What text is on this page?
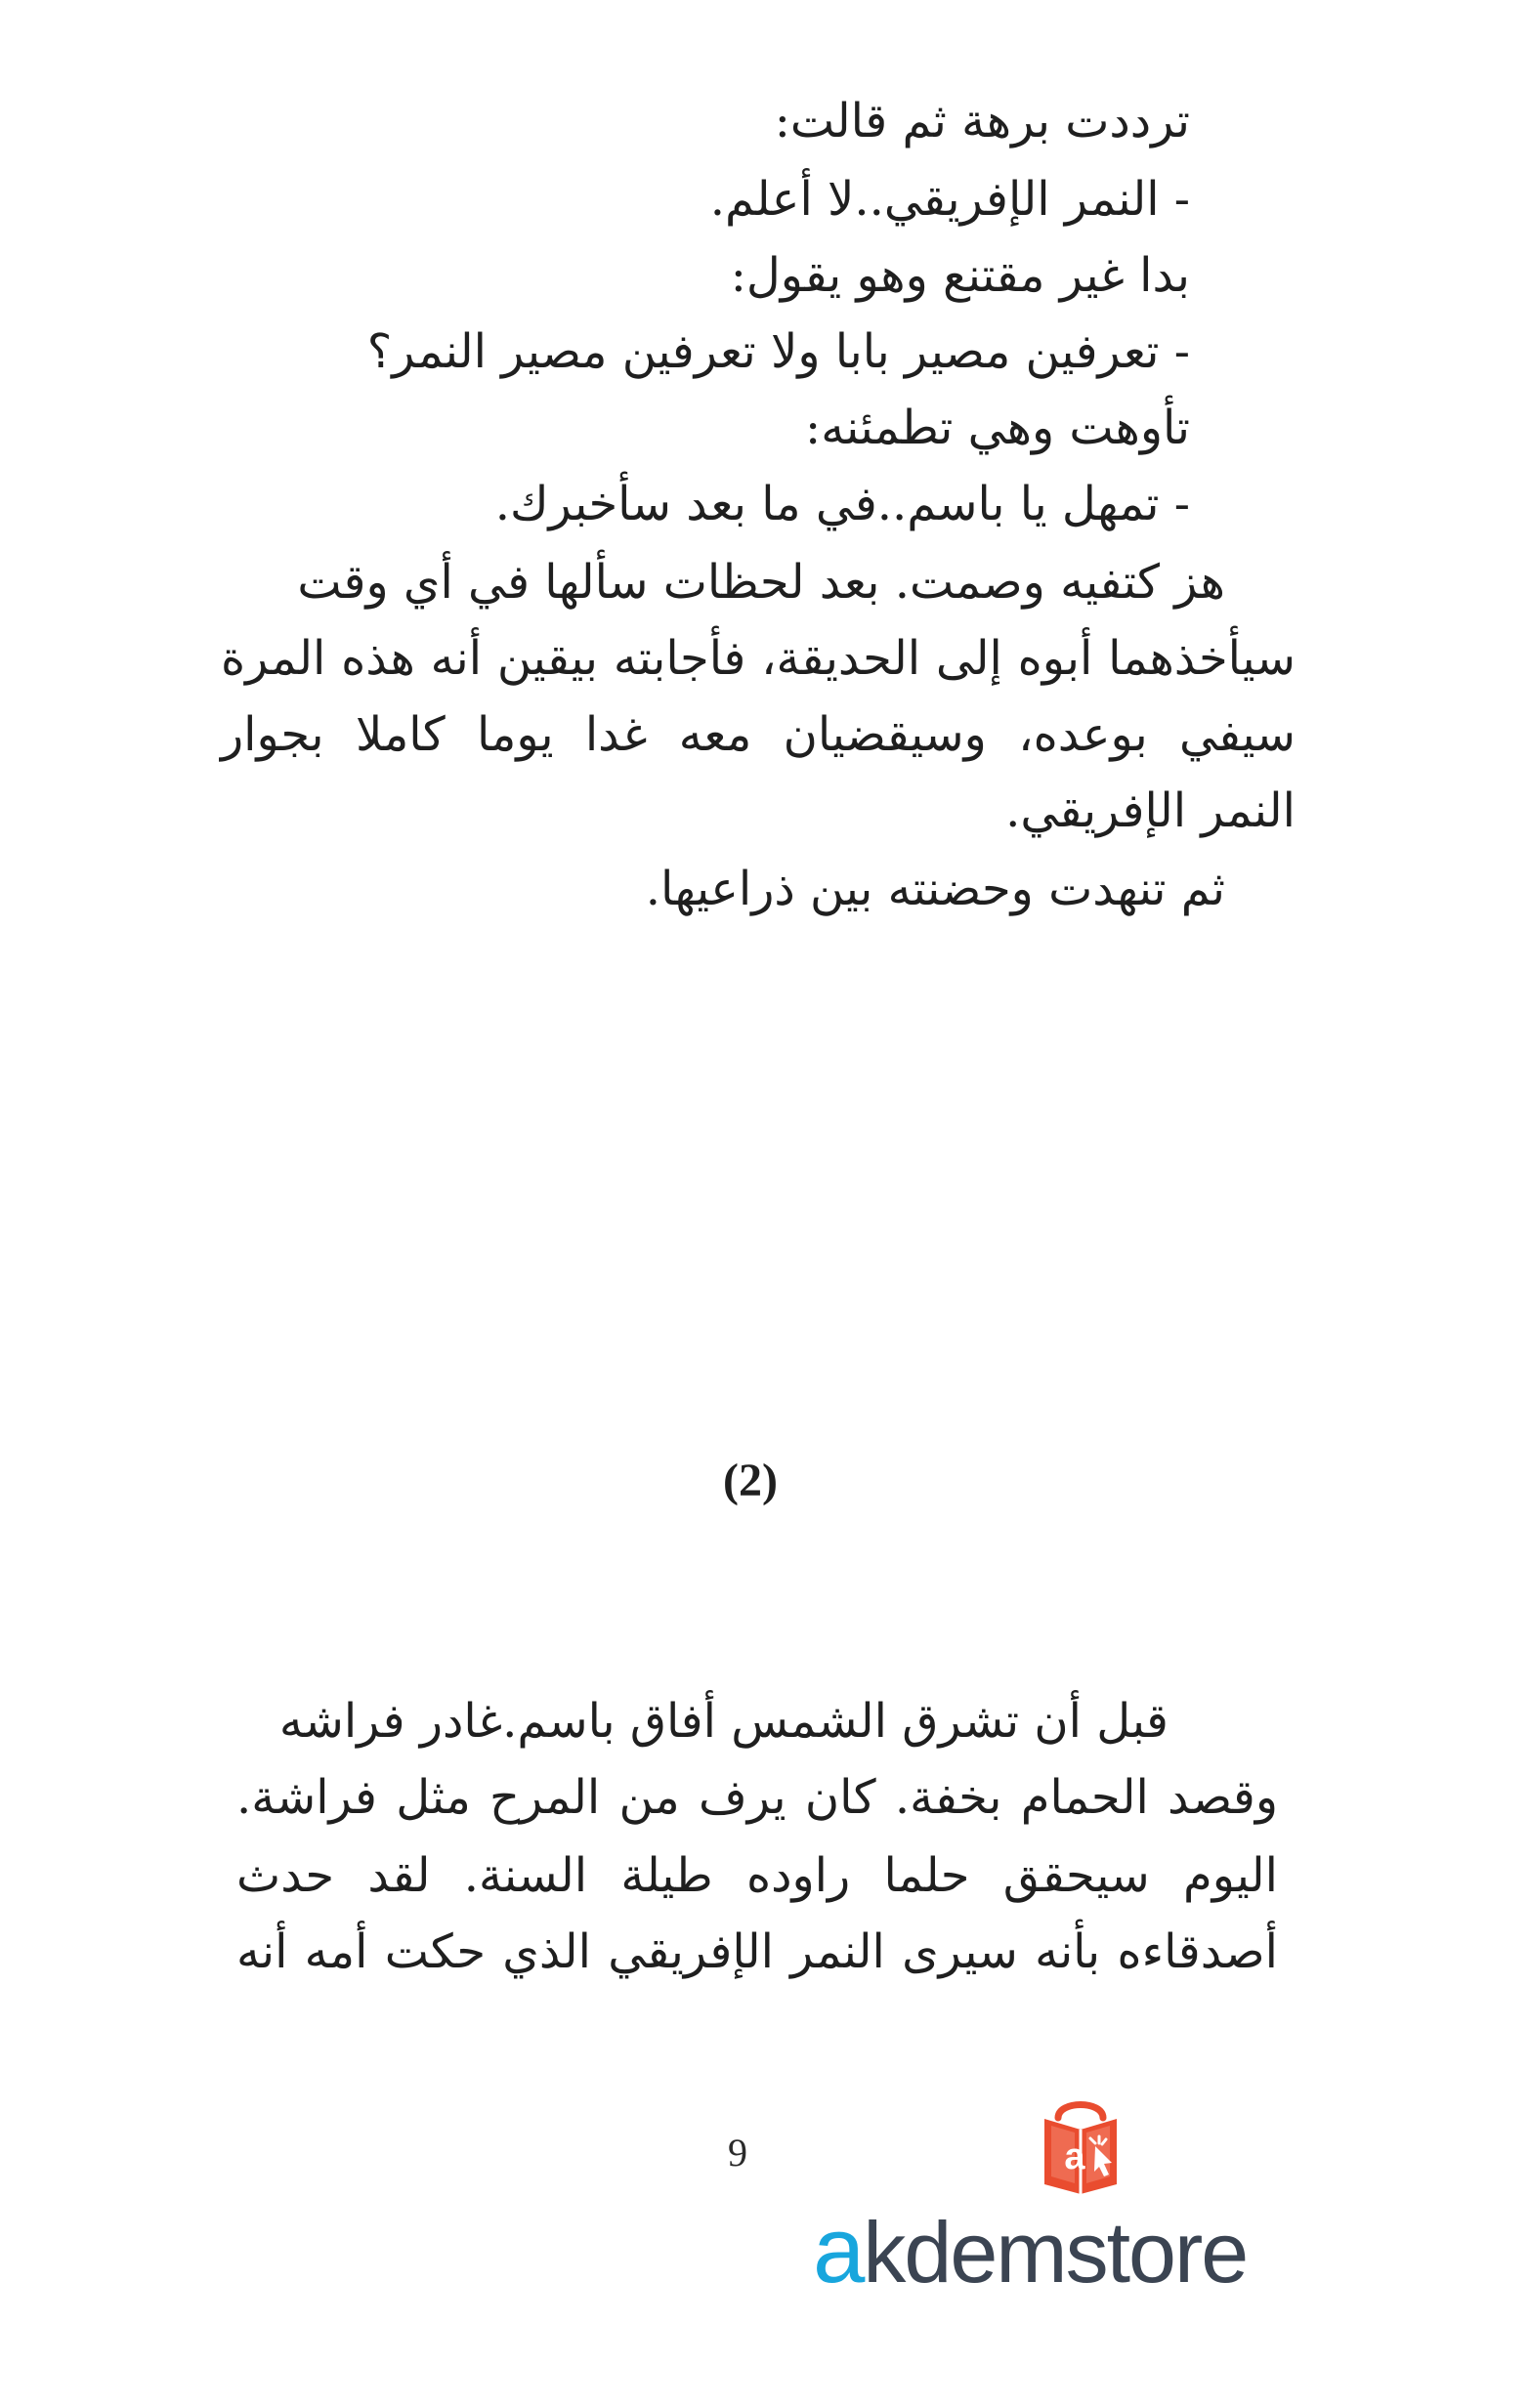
ترددت برهة ثم قالت:
- النمر الإفريقي..لا أعلم.
بدا غير مقتنع وهو يقول:
- تعرفين مصير بابا ولا تعرفين مصير النمر؟
تأوهت وهي تطمئنه:
- تمهل يا باسم..في ما بعد سأخبرك.
هز كتفيه وصمت. بعد لحظات سألها في أي وقت
سيأخذهما أبوه إلى الحديقة، فأجابته بيقين أنه هذه المرة
سيفي بوعده، وسيقضيان معه غدا يوما كاملا بجوار
النمر الإفريقي.
ثم تنهدت وحضنته بين ذراعيها.
(2)
قبل أن تشرق الشمس أفاق باسم.غادر فراشه
وقصد الحمام بخفة. كان يرف من المرح مثل فراشة.
اليوم سيحقق حلما راوده طيلة السنة. لقد حدث
أصدقاءه بأنه سيرى النمر الإفريقي الذي حكت أمه أنه
9	a
akdemstore
